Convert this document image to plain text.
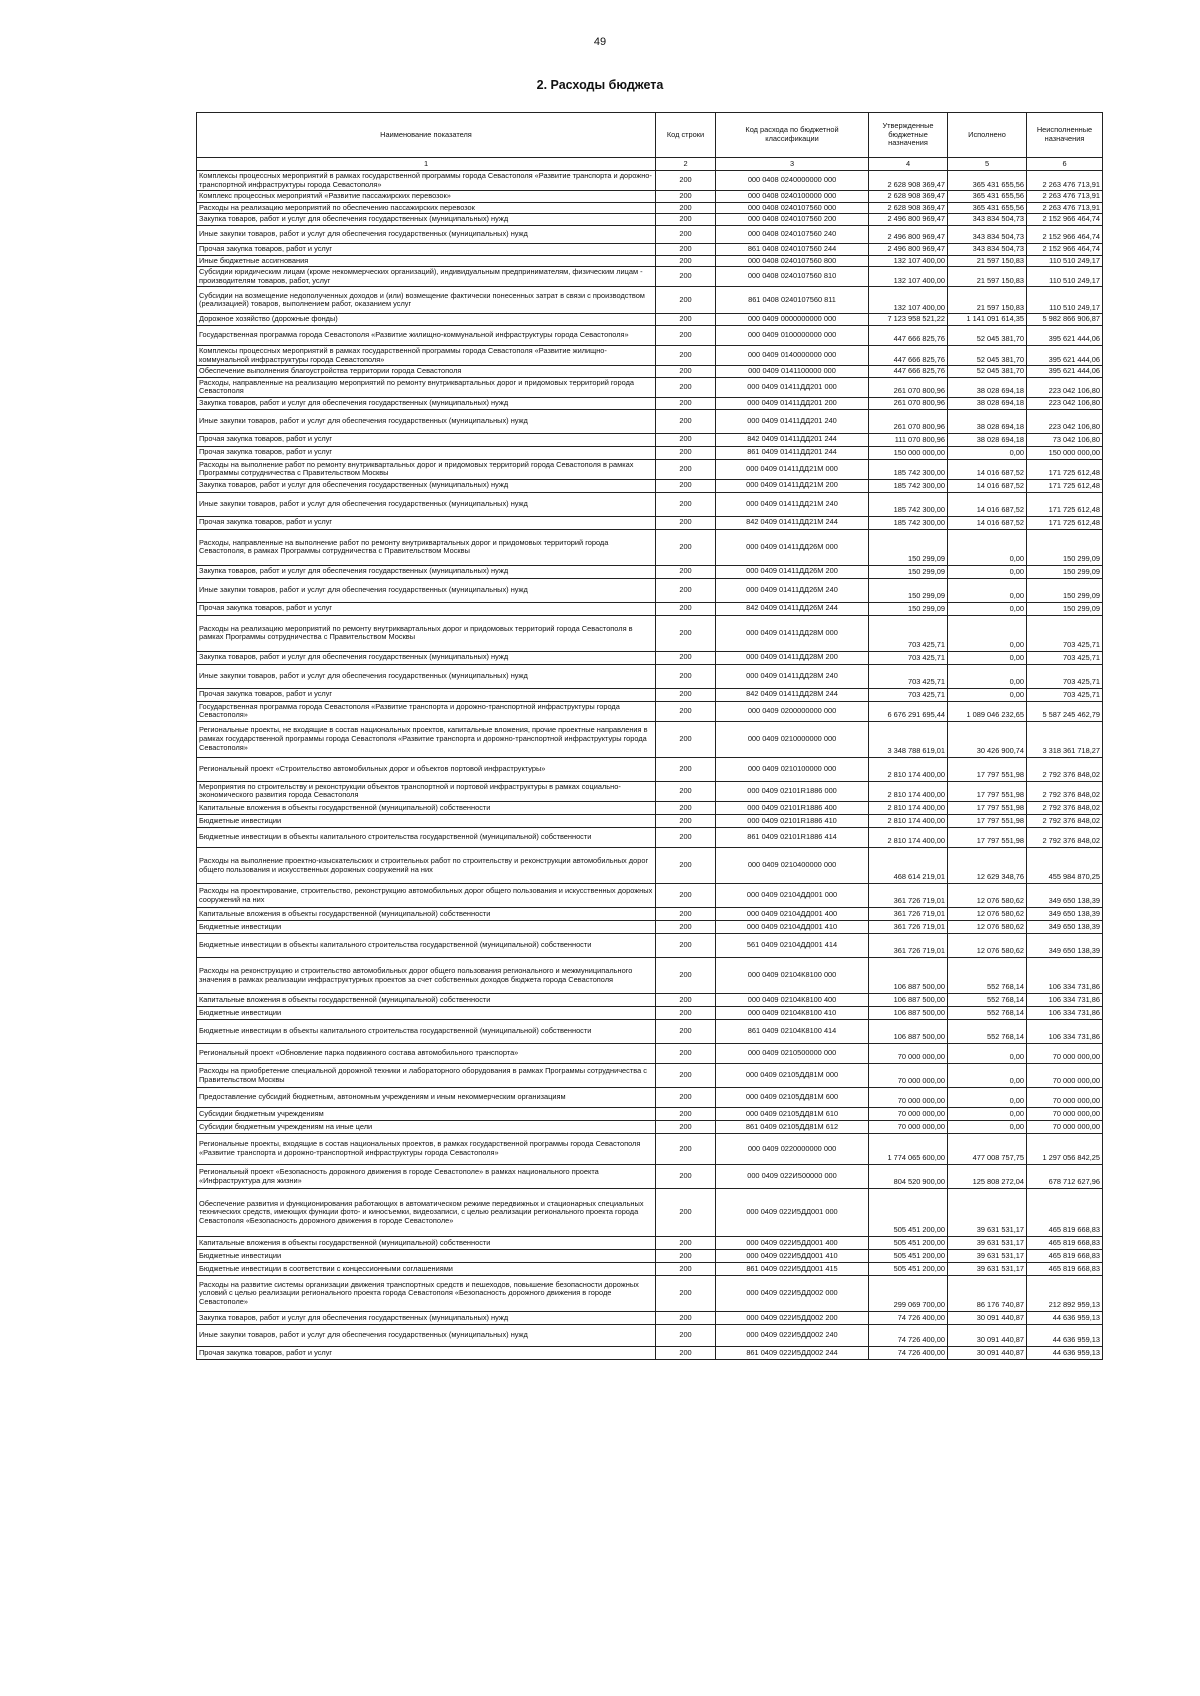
49
2. Расходы бюджета
Наименование показателя	Код строки	Код расхода по бюджетной классификации	Утвержденные бюджетные назначения	Исполнено	Неисполненные назначения
1	2	3	4	5	6
Комплексы процессных мероприятий в рамках государственной программы города Севастополя «Развитие транспорта и дорожно-транспортной инфраструктуры города Севастополя»	200	000 0408 0240000000 000	2 628 908 369,47	365 431 655,56	2 263 476 713,91
Комплекс процессных мероприятий «Развитие пассажирских перевозок»	200	000 0408 0240100000 000	2 628 908 369,47	365 431 655,56	2 263 476 713,91
Расходы на реализацию мероприятий по обеспечению пассажирских перевозок	200	000 0408 0240107560 000	2 628 908 369,47	365 431 655,56	2 263 476 713,91
Закупка товаров, работ и услуг для обеспечения государственных (муниципальных) нужд	200	000 0408 0240107560 200	2 496 800 969,47	343 834 504,73	2 152 966 464,74
Иные закупки товаров, работ и услуг для обеспечения государственных (муниципальных) нужд	200	000 0408 0240107560 240	2 496 800 969,47	343 834 504,73	2 152 966 464,74
Прочая закупка товаров, работ и услуг	200	861 0408 0240107560 244	2 496 800 969,47	343 834 504,73	2 152 966 464,74
Иные бюджетные ассигнования	200	000 0408 0240107560 800	132 107 400,00	21 597 150,83	110 510 249,17
Субсидии юридическим лицам (кроме некоммерческих организаций), индивидуальным предпринимателям, физическим лицам - производителям товаров, работ, услуг	200	000 0408 0240107560 810	132 107 400,00	21 597 150,83	110 510 249,17
Субсидии на возмещение недополученных доходов и (или) возмещение фактически понесенных затрат в связи с производством (реализацией) товаров, выполнением работ, оказанием услуг	200	861 0408 0240107560 811	132 107 400,00	21 597 150,83	110 510 249,17
Дорожное хозяйство (дорожные фонды)	200	000 0409 0000000000 000	7 123 958 521,22	1 141 091 614,35	5 982 866 906,87
Государственная программа города Севастополя «Развитие жилищно-коммунальной инфраструктуры города Севастополя»	200	000 0409 0100000000 000	447 666 825,76	52 045 381,70	395 621 444,06
Комплексы процессных мероприятий в рамках государственной программы города Севастополя «Развитие жилищно-коммунальной инфраструктуры города Севастополя»	200	000 0409 0140000000 000	447 666 825,76	52 045 381,70	395 621 444,06
Обеспечение выполнения благоустройства территории города Севастополя	200	000 0409 0141100000 000	447 666 825,76	52 045 381,70	395 621 444,06
Расходы, направленные на реализацию мероприятий по ремонту внутриквартальных дорог и придомовых территорий города Севастополя	200	000 0409 01411ДД201 000	261 070 800,96	38 028 694,18	223 042 106,80
Закупка товаров, работ и услуг для обеспечения государственных (муниципальных) нужд	200	000 0409 01411ДД201 200	261 070 800,96	38 028 694,18	223 042 106,80
Иные закупки товаров, работ и услуг для обеспечения государственных (муниципальных) нужд	200	000 0409 01411ДД201 240	261 070 800,96	38 028 694,18	223 042 106,80
Прочая закупка товаров, работ и услуг	200	842 0409 01411ДД201 244	111 070 800,96	38 028 694,18	73 042 106,80
Прочая закупка товаров, работ и услуг	200	861 0409 01411ДД201 244	150 000 000,00	0,00	150 000 000,00
Расходы на выполнение работ по ремонту внутриквартальных дорог и придомовых территорий города Севастополя в рамках Программы сотрудничества с Правительством Москвы	200	000 0409 01411ДД21М 000	185 742 300,00	14 016 687,52	171 725 612,48
Закупка товаров, работ и услуг для обеспечения государственных (муниципальных) нужд	200	000 0409 01411ДД21М 200	185 742 300,00	14 016 687,52	171 725 612,48
Иные закупки товаров, работ и услуг для обеспечения государственных (муниципальных) нужд	200	000 0409 01411ДД21М 240	185 742 300,00	14 016 687,52	171 725 612,48
Прочая закупка товаров, работ и услуг	200	842 0409 01411ДД21М 244	185 742 300,00	14 016 687,52	171 725 612,48
Расходы, направленные на выполнение работ по ремонту внутриквартальных дорог и придомовых территорий города Севастополя, в рамках Программы сотрудничества с Правительством Москвы	200	000 0409 01411ДД26М 000	150 299,09	0,00	150 299,09
Закупка товаров, работ и услуг для обеспечения государственных (муниципальных) нужд	200	000 0409 01411ДД26М 200	150 299,09	0,00	150 299,09
Иные закупки товаров, работ и услуг для обеспечения государственных (муниципальных) нужд	200	000 0409 01411ДД26М 240	150 299,09	0,00	150 299,09
Прочая закупка товаров, работ и услуг	200	842 0409 01411ДД26М 244	150 299,09	0,00	150 299,09
Расходы на реализацию мероприятий по ремонту внутриквартальных дорог и придомовых территорий города Севастополя в рамках Программы сотрудничества с Правительством Москвы	200	000 0409 01411ДД28М 000	703 425,71	0,00	703 425,71
Закупка товаров, работ и услуг для обеспечения государственных (муниципальных) нужд	200	000 0409 01411ДД28М 200	703 425,71	0,00	703 425,71
Иные закупки товаров, работ и услуг для обеспечения государственных (муниципальных) нужд	200	000 0409 01411ДД28М 240	703 425,71	0,00	703 425,71
Прочая закупка товаров, работ и услуг	200	842 0409 01411ДД28М 244	703 425,71	0,00	703 425,71
Государственная программа города Севастополя «Развитие транспорта и дорожно-транспортной инфраструктуры города Севастополя»	200	000 0409 0200000000 000	6 676 291 695,44	1 089 046 232,65	5 587 245 462,79
Региональные проекты, не входящие в состав национальных проектов, капитальные вложения, прочие проектные направления в рамках государственной программы города Севастополя «Развитие транспорта и дорожно-транспортной инфраструктуры города Севастополя»	200	000 0409 0210000000 000	3 348 788 619,01	30 426 900,74	3 318 361 718,27
Региональный проект «Строительство автомобильных дорог и объектов портовой инфраструктуры»	200	000 0409 0210100000 000	2 810 174 400,00	17 797 551,98	2 792 376 848,02
Мероприятия по строительству и реконструкции объектов транспортной и портовой инфраструктуры в рамках социально-экономического развития города Севастополя	200	000 0409 02101R1886 000	2 810 174 400,00	17 797 551,98	2 792 376 848,02
Капитальные вложения в объекты государственной (муниципальной) собственности	200	000 0409 02101R1886 400	2 810 174 400,00	17 797 551,98	2 792 376 848,02
Бюджетные инвестиции	200	000 0409 02101R1886 410	2 810 174 400,00	17 797 551,98	2 792 376 848,02
Бюджетные инвестиции в объекты капитального строительства государственной (муниципальной) собственности	200	861 0409 02101R1886 414	2 810 174 400,00	17 797 551,98	2 792 376 848,02
Расходы на выполнение проектно-изыскательских и строительных работ по строительству и реконструкции автомобильных дорог общего пользования и искусственных дорожных сооружений на них	200	000 0409 0210400000 000	468 614 219,01	12 629 348,76	455 984 870,25
Расходы на проектирование, строительство, реконструкцию автомобильных дорог общего пользования и искусственных дорожных сооружений на них	200	000 0409 02104ДД001 000	361 726 719,01	12 076 580,62	349 650 138,39
Капитальные вложения в объекты государственной (муниципальной) собственности	200	000 0409 02104ДД001 400	361 726 719,01	12 076 580,62	349 650 138,39
Бюджетные инвестиции	200	000 0409 02104ДД001 410	361 726 719,01	12 076 580,62	349 650 138,39
Бюджетные инвестиции в объекты капитального строительства государственной (муниципальной) собственности	200	561 0409 02104ДД001 414	361 726 719,01	12 076 580,62	349 650 138,39
Расходы на реконструкцию и строительство автомобильных дорог общего пользования регионального и межмуниципального значения в рамках реализации инфраструктурных проектов за счет собственных доходов бюджета города Севастополя	200	000 0409 02104К8100 000	106 887 500,00	552 768,14	106 334 731,86
Капитальные вложения в объекты государственной (муниципальной) собственности	200	000 0409 02104К8100 400	106 887 500,00	552 768,14	106 334 731,86
Бюджетные инвестиции	200	000 0409 02104К8100 410	106 887 500,00	552 768,14	106 334 731,86
Бюджетные инвестиции в объекты капитального строительства государственной (муниципальной) собственности	200	861 0409 02104К8100 414	106 887 500,00	552 768,14	106 334 731,86
Региональный проект «Обновление парка подвижного состава автомобильного транспорта»	200	000 0409 0210500000 000	70 000 000,00	0,00	70 000 000,00
Расходы на приобретение специальной дорожной техники и лабораторного оборудования в рамках Программы сотрудничества с Правительством Москвы	200	000 0409 02105ДД81М 000	70 000 000,00	0,00	70 000 000,00
Предоставление субсидий бюджетным, автономным учреждениям и иным некоммерческим организациям	200	000 0409 02105ДД81М 600	70 000 000,00	0,00	70 000 000,00
Субсидии бюджетным учреждениям	200	000 0409 02105ДД81М 610	70 000 000,00	0,00	70 000 000,00
Субсидии бюджетным учреждениям на иные цели	200	861 0409 02105ДД81М 612	70 000 000,00	0,00	70 000 000,00
Региональные проекты, входящие в состав национальных проектов, в рамках государственной программы города Севастополя «Развитие транспорта и дорожно-транспортной инфраструктуры города Севастополя»	200	000 0409 0220000000 000	1 774 065 600,00	477 008 757,75	1 297 056 842,25
Региональный проект «Безопасность дорожного движения в городе Севастополе» в рамках национального проекта «Инфраструктура для жизни»	200	000 0409 022И500000 000	804 520 900,00	125 808 272,04	678 712 627,96
Обеспечение развития и функционирования работающих в автоматическом режиме передвижных и стационарных специальных технических средств, имеющих функции фото- и киносъемки, видеозаписи, с целью реализации регионального проекта города Севастополя «Безопасность дорожного движения в городе Севастополе»	200	000 0409 022И5ДД001 000	505 451 200,00	39 631 531,17	465 819 668,83
Капитальные вложения в объекты государственной (муниципальной) собственности	200	000 0409 022И5ДД001 400	505 451 200,00	39 631 531,17	465 819 668,83
Бюджетные инвестиции	200	000 0409 022И5ДД001 410	505 451 200,00	39 631 531,17	465 819 668,83
Бюджетные инвестиции в соответствии с концессионными соглашениями	200	861 0409 022И5ДД001 415	505 451 200,00	39 631 531,17	465 819 668,83
Расходы на развитие системы организации движения транспортных средств и пешеходов, повышение безопасности дорожных условий с целью реализации регионального проекта города Севастополя «Безопасность дорожного движения в городе Севастополе»	200	000 0409 022И5ДД002 000	299 069 700,00	86 176 740,87	212 892 959,13
Закупка товаров, работ и услуг для обеспечения государственных (муниципальных) нужд	200	000 0409 022И5ДД002 200	74 726 400,00	30 091 440,87	44 636 959,13
Иные закупки товаров, работ и услуг для обеспечения государственных (муниципальных) нужд	200	000 0409 022И5ДД002 240	74 726 400,00	30 091 440,87	44 636 959,13
Прочая закупка товаров, работ и услуг	200	861 0409 022И5ДД002 244	74 726 400,00	30 091 440,87	44 636 959,13
